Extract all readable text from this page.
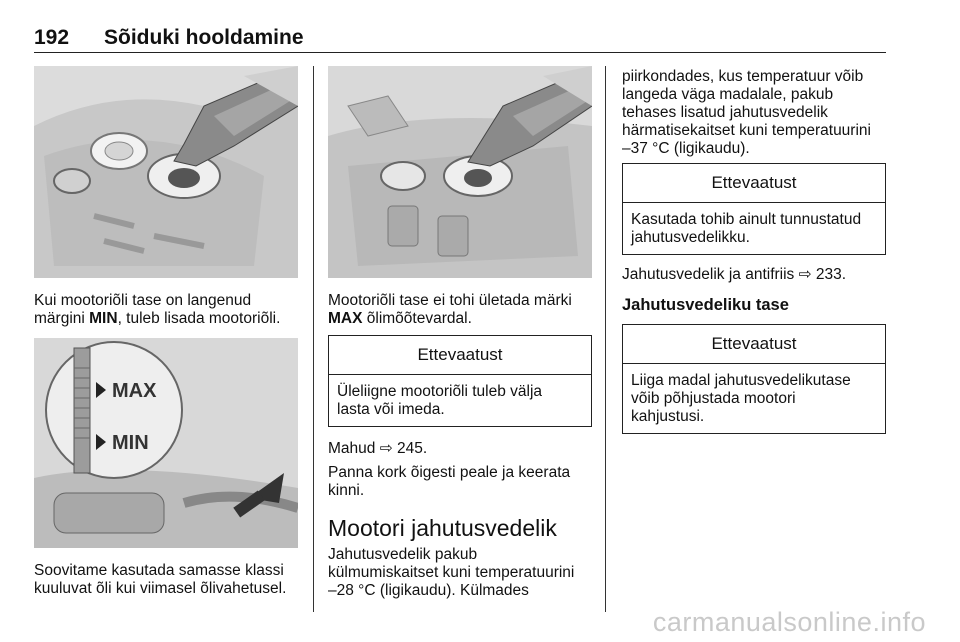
192 Sõiduki hooldamine
Kui mootoriõli tase on langenud
märgini MIN, tuleb lisada mootoriõli.
MAX
MIN
Soovitame kasutada samasse klassi
kuuluvat õli kui viimasel õlivahetusel.
Mootoriõli tase ei tohi ületada märki
MAX õlimõõtevardal.
Ettevaatust
Üleliigne mootoriõli tuleb välja
lasta või imeda.
Mahud ⇨ 245.
Panna kork õigesti peale ja keerata
kinni.
Mootori jahutusvedelik
Jahutusvedelik pakub
külmumiskaitset kuni temperatuurini
–28 °C (ligikaudu). Külmades
piirkondades, kus temperatuur võib
langeda väga madalale, pakub
tehases lisatud jahutusvedelik
härmatisekaitset kuni temperatuurini
–37 °C (ligikaudu).
Ettevaatust
Kasutada tohib ainult tunnustatud
jahutusvedelikku.
Jahutusvedelik ja antifriis ⇨ 233.
Jahutusvedeliku tase
Ettevaatust
Liiga madal jahutusvedelikutase
võib põhjustada mootori
kahjustusi.
carmanualsonline.info
